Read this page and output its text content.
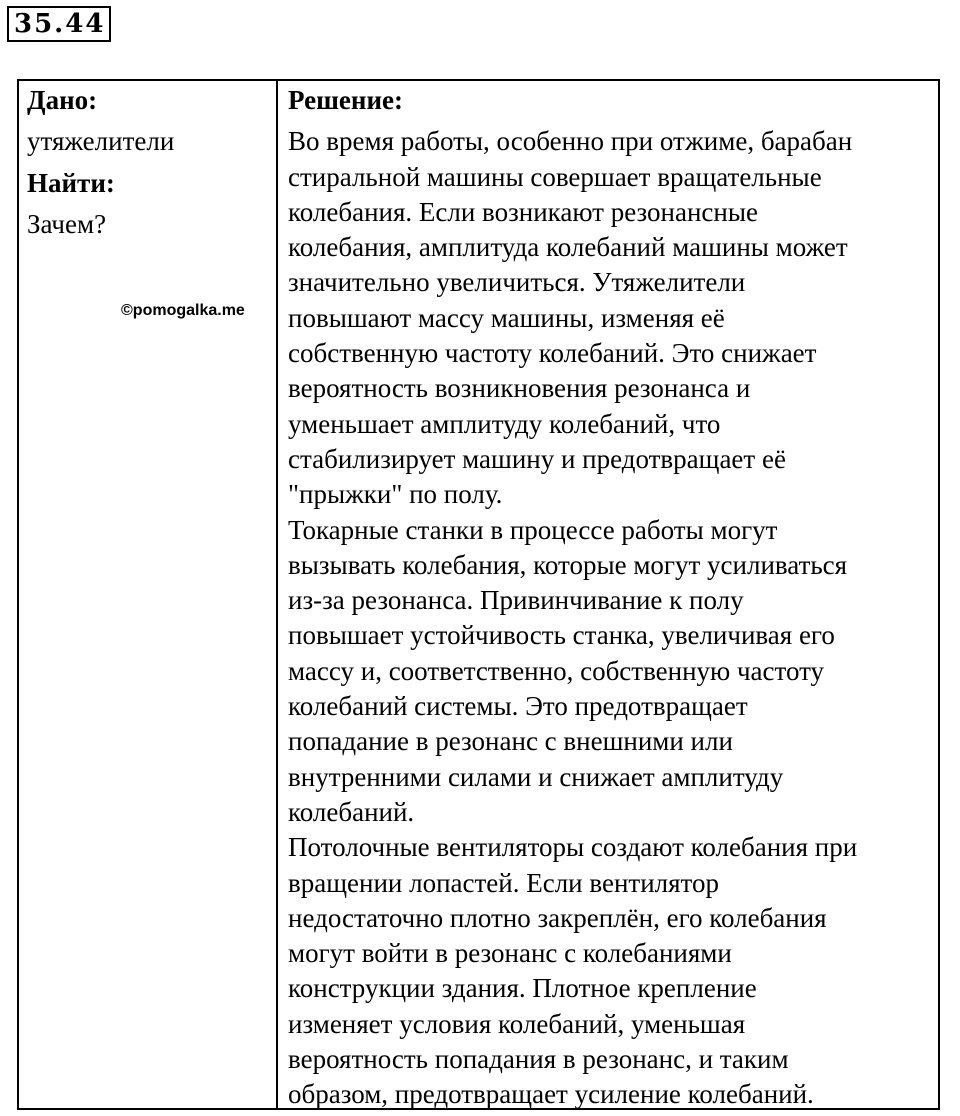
35.44
Дано:
утяжелители
Найти:
Зачем?
©pomogalka.me
Решение:
Во время работы, особенно при отжиме, барабан
стиральной машины совершает вращательные
колебания. Если возникают резонансные
колебания, амплитуда колебаний машины может
значительно увеличиться. Утяжелители
повышают массу машины, изменяя её
собственную частоту колебаний. Это снижает
вероятность возникновения резонанса и
уменьшает амплитуду колебаний, что
стабилизирует машину и предотвращает её
"прыжки" по полу.
Токарные станки в процессе работы могут
вызывать колебания, которые могут усиливаться
из-за резонанса. Привинчивание к полу
повышает устойчивость станка, увеличивая его
массу и, соответственно, собственную частоту
колебаний системы. Это предотвращает
попадание в резонанс с внешними или
внутренними силами и снижает амплитуду
колебаний.
Потолочные вентиляторы создают колебания при
вращении лопастей. Если вентилятор
недостаточно плотно закреплён, его колебания
могут войти в резонанс с колебаниями
конструкции здания. Плотное крепление
изменяет условия колебаний, уменьшая
вероятность попадания в резонанс, и таким
образом, предотвращает усиление колебаний.
